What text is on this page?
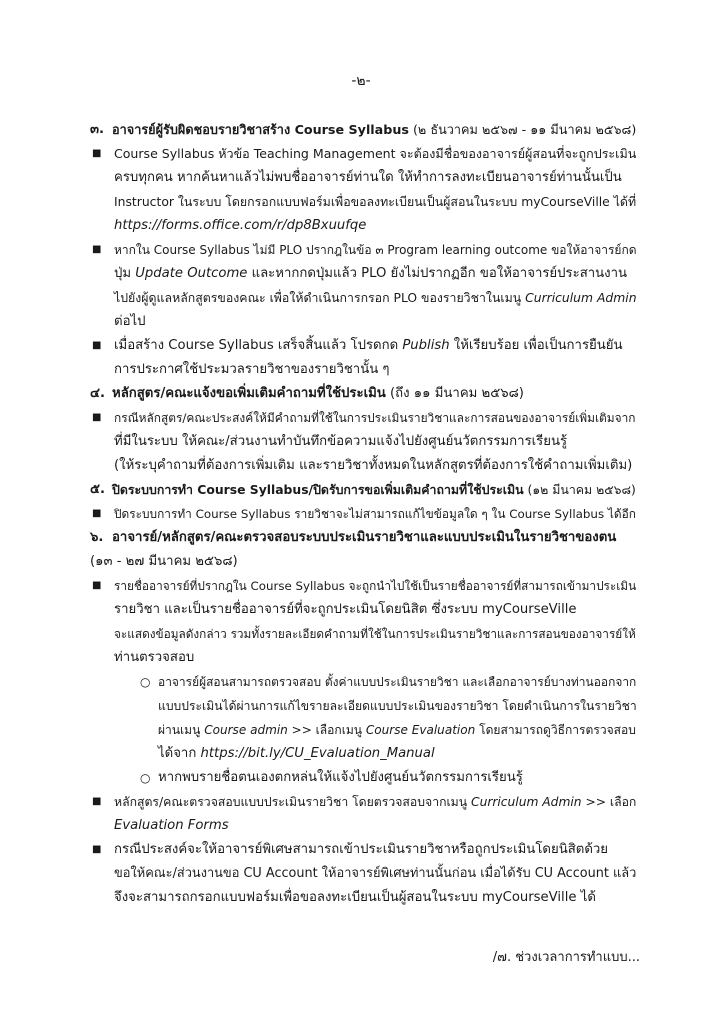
-๒-
๓. อาจารย์ผู้รับผิดชอบรายวิชาสร้าง Course Syllabus (๒ ธันวาคม ๒๕๖๗ - ๑๑ มีนาคม ๒๕๖๘)
■ Course Syllabus หัวข้อ Teaching Management จะต้องมีชื่อของอาจารย์ผู้สอนที่จะถูกประเมิน
ครบทุกคน หากค้นหาแล้วไม่พบชื่ออาจารย์ท่านใด ให้ทำการลงทะเบียนอาจารย์ท่านนั้นเป็น
Instructor ในระบบ โดยกรอกแบบฟอร์มเพื่อขอลงทะเบียนเป็นผู้สอนในระบบ myCourseVille ได้ที่
https://forms.office.com/r/dp8Bxuufqe
■ หากใน Course Syllabus ไม่มี PLO ปรากฎในข้อ ๓ Program learning outcome ขอให้อาจารย์กด
ปุ่ม Update Outcome และหากกดปุ่มแล้ว PLO ยังไม่ปรากฏอีก ขอให้อาจารย์ประสานงาน
ไปยังผู้ดูแลหลักสูตรของคณะ เพื่อให้ดำเนินการกรอก PLO ของรายวิชาในเมนู Curriculum Admin
ต่อไป
■ เมื่อสร้าง Course Syllabus เสร็จสิ้นแล้ว โปรดกด Publish ให้เรียบร้อย เพื่อเป็นการยืนยัน
การประกาศใช้ประมวลรายวิชาของรายวิชานั้น ๆ
๔. หลักสูตร/คณะแจ้งขอเพิ่มเติมคำถามที่ใช้ประเมิน (ถึง ๑๑ มีนาคม ๒๕๖๘)
■ กรณีหลักสูตร/คณะประสงค์ให้มีคำถามที่ใช้ในการประเมินรายวิชาและการสอนของอาจารย์เพิ่มเติมจาก
ที่มีในระบบ ให้คณะ/ส่วนงานทำบันทึกข้อความแจ้งไปยังศูนย์นวัตกรรมการเรียนรู้
(ให้ระบุคำถามที่ต้องการเพิ่มเติม และรายวิชาทั้งหมดในหลักสูตรที่ต้องการใช้คำถามเพิ่มเติม)
๕. ปิดระบบการทำ Course Syllabus/ปิดรับการขอเพิ่มเติมคำถามที่ใช้ประเมิน (๑๒ มีนาคม ๒๕๖๘)
■ ปิดระบบการทำ Course Syllabus รายวิชาจะไม่สามารถแก้ไขข้อมูลใด ๆ ใน Course Syllabus ได้อีก
๖. อาจารย์/หลักสูตร/คณะตรวจสอบระบบประเมินรายวิชาและแบบประเมินในรายวิชาของตน
(๑๓ - ๒๗ มีนาคม ๒๕๖๘)
■ รายชื่ออาจารย์ที่ปรากฎใน Course Syllabus จะถูกนำไปใช้เป็นรายชื่ออาจารย์ที่สามารถเข้ามาประเมิน
รายวิชา และเป็นรายชื่ออาจารย์ที่จะถูกประเมินโดยนิสิต ซึ่งระบบ myCourseVille
จะแสดงข้อมูลดังกล่าว รวมทั้งรายละเอียดคำถามที่ใช้ในการประเมินรายวิชาและการสอนของอาจารย์ให้
ท่านตรวจสอบ
○ อาจารย์ผู้สอนสามารถตรวจสอบ ตั้งค่าแบบประเมินรายวิชา และเลือกอาจารย์บางท่านออกจาก
แบบประเมินได้ผ่านการแก้ไขรายละเอียดแบบประเมินของรายวิชา โดยดำเนินการในรายวิชา
ผ่านเมนู Course admin >> เลือกเมนู Course Evaluation โดยสามารถดูวิธีการตรวจสอบ
ได้จาก https://bit.ly/CU_Evaluation_Manual
○ หากพบรายชื่อตนเองตกหล่นให้แจ้งไปยังศูนย์นวัตกรรมการเรียนรู้
■ หลักสูตร/คณะตรวจสอบแบบประเมินรายวิชา โดยตรวจสอบจากเมนู Curriculum Admin >> เลือก
Evaluation Forms
■ กรณีประสงค์จะให้อาจารย์พิเศษสามารถเข้าประเมินรายวิชาหรือถูกประเมินโดยนิสิตด้วย
ขอให้คณะ/ส่วนงานขอ CU Account ให้อาจารย์พิเศษท่านนั้นก่อน เมื่อได้รับ CU Account แล้ว
จึงจะสามารถกรอกแบบฟอร์มเพื่อขอลงทะเบียนเป็นผู้สอนในระบบ myCourseVille ได้
/๗. ช่วงเวลาการทำแบบ...
